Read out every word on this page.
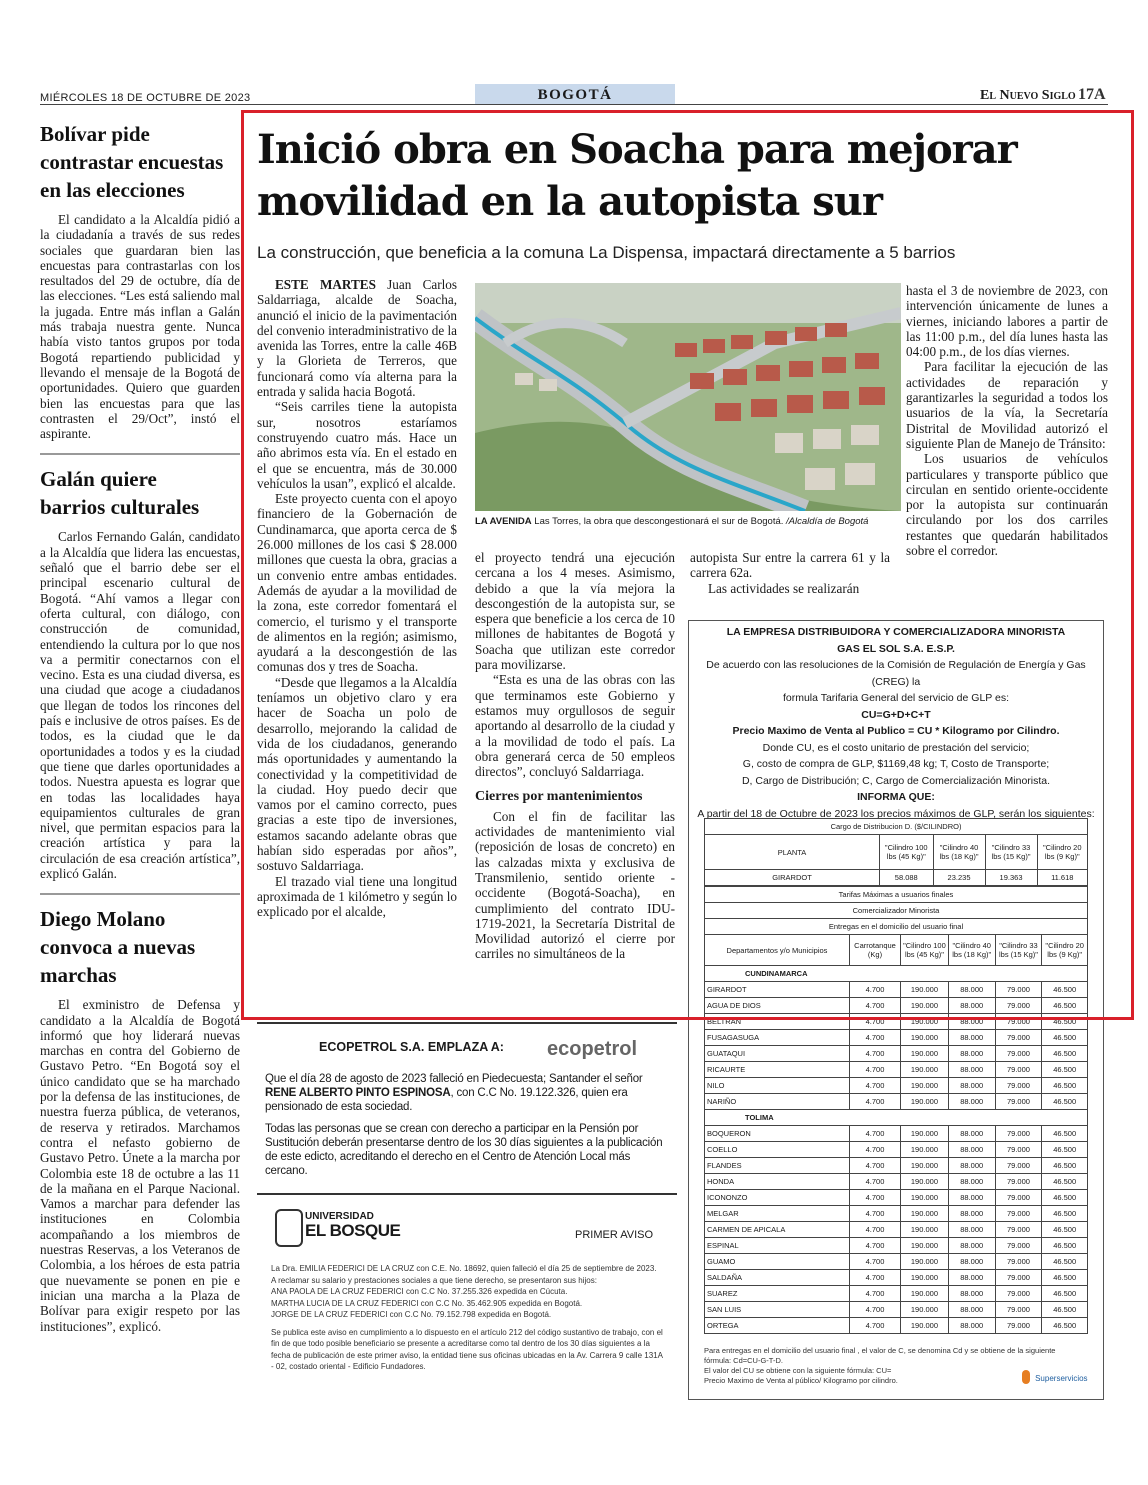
MIÉRCOLES 18 DE OCTUBRE DE 2023	BOGOTÁ	El Nuevo Siglo 17A
Bolívar pide
contrastar encuestas
en las elecciones

El candidato a la Alcaldía pidió a la ciudadanía a través de sus redes sociales que guardaran bien las encuestas para contrastarlas con los resultados del 29 de octubre, día de las elecciones. “Les está saliendo mal la jugada. Entre más inflan a Galán más trabaja nuestra gente. Nunca había visto tantos grupos por toda Bogotá repartiendo publicidad y llevando el mensaje de la Bogotá de oportunidades. Quiero que guarden bien las encuestas para que las contrasten el 29/Oct”, instó el aspirante.

Galán quiere
barrios culturales

Carlos Fernando Galán, candidato a la Alcaldía que lidera las encuestas, señaló que el barrio debe ser el principal escenario cultural de Bogotá. “Ahí vamos a llegar con oferta cultural, con diálogo, con construcción de comunidad, entendiendo la cultura por lo que nos va a permitir conectarnos con el vecino. Esta es una ciudad diversa, es una ciudad que acoge a ciudadanos que llegan de todos los rincones del país e inclusive de otros países. Es de todos, es la ciudad que le da oportunidades a todos y es la ciudad que tiene que darles oportunidades a todos. Nuestra apuesta es lograr que en todas las localidades haya equipamientos culturales de gran nivel, que permitan espacios para la creación artística y para la circulación de esa creación artística”, explicó Galán.

Diego Molano
convoca a nuevas
marchas

El exministro de Defensa y candidato a la Alcaldía de Bogotá informó que hoy liderará nuevas marchas en contra del Gobierno de Gustavo Petro. “En Bogotá soy el único candidato que se ha marchado por la defensa de las instituciones, de nuestra fuerza pública, de veteranos, de reserva y retirados. Marchamos contra el nefasto gobierno de Gustavo Petro. Únete a la marcha por Colombia este 18 de octubre a las 11 de la mañana en el Parque Nacional. Vamos a marchar para defender las instituciones en Colombia acompañando a los miembros de nuestras Reservas, a los Veteranos de Colombia, a los héroes de esta patria que nuevamente se ponen en pie e inician una marcha a la Plaza de Bolívar para exigir respeto por las instituciones”, explicó.

Inició obra en Soacha para mejorar
movilidad en la autopista sur
La construcción, que beneficia a la comuna La Dispensa, impactará directamente a 5 barrios

ESTE MARTES Juan Carlos Saldarriaga, alcalde de Soacha, anunció el inicio de la pavimentación del convenio interadministrativo de la avenida las Torres, entre la calle 46B y la Glorieta de Terreros, que funcionará como vía alterna para la entrada y salida hacia Bogotá.

“Seis carriles tiene la autopista sur, nosotros estaríamos construyendo cuatro más. Hace un año abrimos esta vía. En el estado en el que se encuentra, más de 30.000 vehículos la usan”, explicó el alcalde.

Este proyecto cuenta con el apoyo financiero de la Gobernación de Cundinamarca, que aporta cerca de $ 26.000 millones de los casi $ 28.000 millones que cuesta la obra, gracias a un convenio entre ambas entidades. Además de ayudar a la movilidad de la zona, este corredor fomentará el comercio, el turismo y el transporte de alimentos en la región; asimismo, ayudará a la descongestión de las comunas dos y tres de Soacha.

“Desde que llegamos a la Alcaldía teníamos un objetivo claro y era hacer de Soacha un polo de desarrollo, mejorando la calidad de vida de los ciudadanos, generando más oportunidades y aumentando la conectividad y la competitividad de la ciudad. Hoy puedo decir que vamos por el camino correcto, pues gracias a este tipo de inversiones, estamos sacando adelante obras que habían sido esperadas por años”, sostuvo Saldarriaga.

El trazado vial tiene una longitud aproximada de 1 kilómetro y según lo explicado por el alcalde,

LA AVENIDA Las Torres, la obra que descongestionará el sur de Bogotá. /Alcaldía de Bogotá

el proyecto tendrá una ejecución cercana a los 4 meses. Asimismo, debido a que la vía mejora la descongestión de la autopista sur, se espera que beneficie a los cerca de 10 millones de habitantes de Bogotá y Soacha que utilizan este corredor para movilizarse.

“Esta es una de las obras con las que terminamos este Gobierno y estamos muy orgullosos de seguir aportando al desarrollo de la ciudad y a la movilidad de todo el país. La obra generará cerca de 50 empleos directos”, concluyó Saldarriaga.

Cierres por mantenimientos

Con el fin de facilitar las actividades de mantenimiento vial (reposición de losas de concreto) en las calzadas mixta y exclusiva de Transmilenio, sentido oriente - occidente (Bogotá-Soacha), en cumplimiento del contrato IDU-1719-2021, la Secretaría Distrital de Movilidad autorizó el cierre por carriles no simultáneos de la

autopista Sur entre la carrera 61 y la carrera 62a.

Las actividades se realizarán

hasta el 3 de noviembre de 2023, con intervención únicamente de lunes a viernes, iniciando labores a partir de las 11:00 p.m., del día lunes hasta las 04:00 p.m., de los días viernes.

Para facilitar la ejecución de las actividades de reparación y garantizarles la seguridad a todos los usuarios de la vía, la Secretaría Distrital de Movilidad autorizó el siguiente Plan de Manejo de Tránsito:

Los usuarios de vehículos particulares y transporte público que circulan en sentido oriente-occidente por la autopista sur continuarán circulando por los dos carriles restantes que quedarán habilitados sobre el corredor.

LA EMPRESA DISTRIBUIDORA Y COMERCIALIZADORA MINORISTA
GAS EL SOL S.A. E.S.P.
De acuerdo con las resoluciones de la Comisión de Regulación de Energía y Gas (CREG) la
formula Tarifaria General del servicio de GLP es:
CU=G+D+C+T
Precio Maximo de Venta al Publico = CU * Kilogramo por Cilindro.
Donde CU, es el costo unitario de prestación del servicio;
G, costo de compra de GLP, $1169,48 kg; T, Costo de Transporte;
D, Cargo de Distribución; C, Cargo de Comercialización Minorista.
INFORMA QUE:
A partir del 18 de Octubre de 2023 los precios máximos de GLP, serán los siguientes:
Cargo de Distribucion D. ($/CILINDRO)				
PLANTA	"Cilindro 100 lbs (45 Kg)"	"Cilindro 40 lbs (18 Kg)"	"Cilindro 33 lbs (15 Kg)"	"Cilindro 20 lbs (9 Kg)"
GIRARDOT	58.088	23.235	19.363	11.618
Tarifas Máximas a usuarios finales					
Comercializador Minorista					
Entregas en el domicilio del usuario final					
Departamentos y/o Municipios	Carrotanque (Kg)	"Cilindro 100 lbs (45 Kg)"	"Cilindro 40 lbs (18 Kg)"	"Cilindro 33 lbs (15 Kg)"	"Cilindro 20 lbs (9 Kg)"
CUNDINAMARCA					
GIRARDOT	4.700	190.000	88.000	79.000	46.500
AGUA DE DIOS	4.700	190.000	88.000	79.000	46.500
BELTRAN	4.700	190.000	88.000	79.000	46.500
FUSAGASUGA	4.700	190.000	88.000	79.000	46.500
GUATAQUI	4.700	190.000	88.000	79.000	46.500
RICAURTE	4.700	190.000	88.000	79.000	46.500
NILO	4.700	190.000	88.000	79.000	46.500
NARIÑO	4.700	190.000	88.000	79.000	46.500
TOLIMA					
BOQUERON	4.700	190.000	88.000	79.000	46.500
COELLO	4.700	190.000	88.000	79.000	46.500
FLANDES	4.700	190.000	88.000	79.000	46.500
HONDA	4.700	190.000	88.000	79.000	46.500
ICONONZO	4.700	190.000	88.000	79.000	46.500
MELGAR	4.700	190.000	88.000	79.000	46.500
CARMEN DE APICALA	4.700	190.000	88.000	79.000	46.500
ESPINAL	4.700	190.000	88.000	79.000	46.500
GUAMO	4.700	190.000	88.000	79.000	46.500
SALDAÑA	4.700	190.000	88.000	79.000	46.500
SUAREZ	4.700	190.000	88.000	79.000	46.500
SAN LUIS	4.700	190.000	88.000	79.000	46.500
ORTEGA	4.700	190.000	88.000	79.000	46.500
Para entregas en el domicilio del usuario final , el valor de C, se denomina Cd y se obtiene de la siguiente
fórmula: Cd=CU-G-T-D.
El valor del CU se obtiene con la siguiente fórmula: CU=
Precio Maximo de Venta al público/ Kilogramo por cilindro.	Superservicios
ECOPETROL S.A. EMPLAZA A: ecopetrol
Que el día 28 de agosto de 2023 falleció en Piedecuesta; Santander el señor RENE ALBERTO PINTO ESPINOSA, con C.C No. 19.122.326, quien era pensionado de esta sociedad.
Todas las personas que se crean con derecho a participar en la Pensión por Sustitución deberán presentarse dentro de los 30 días siguientes a la publicación de este edicto, acreditando el derecho en el Centro de Atención Local más cercano.
UNIVERSIDAD
EL BOSQUE	PRIMER AVISO
La Dra. EMILIA FEDERICI DE LA CRUZ con C.E. No. 18692, quien falleció el día 25 de septiembre de 2023. A reclamar su salario y prestaciones sociales a que tiene derecho, se presentaron sus hijos:
ANA PAOLA DE LA CRUZ FEDERICI con C.C No. 37.255.326 expedida en Cúcuta.
MARTHA LUCIA DE LA CRUZ FEDERICI con C.C No. 35.462.905 expedida en Bogotá.
JORGE DE LA CRUZ FEDERICI con C.C No. 79.152.798 expedida en Bogotá.
Se publica este aviso en cumplimiento a lo dispuesto en el artículo 212 del código sustantivo de trabajo, con el fin de que todo posible beneficiario se presente a acreditarse como tal dentro de los 30 días siguientes a la fecha de publicación de este primer aviso, la entidad tiene sus oficinas ubicadas en la Av. Carrera 9 calle 131A - 02, costado oriental - Edificio Fundadores.
